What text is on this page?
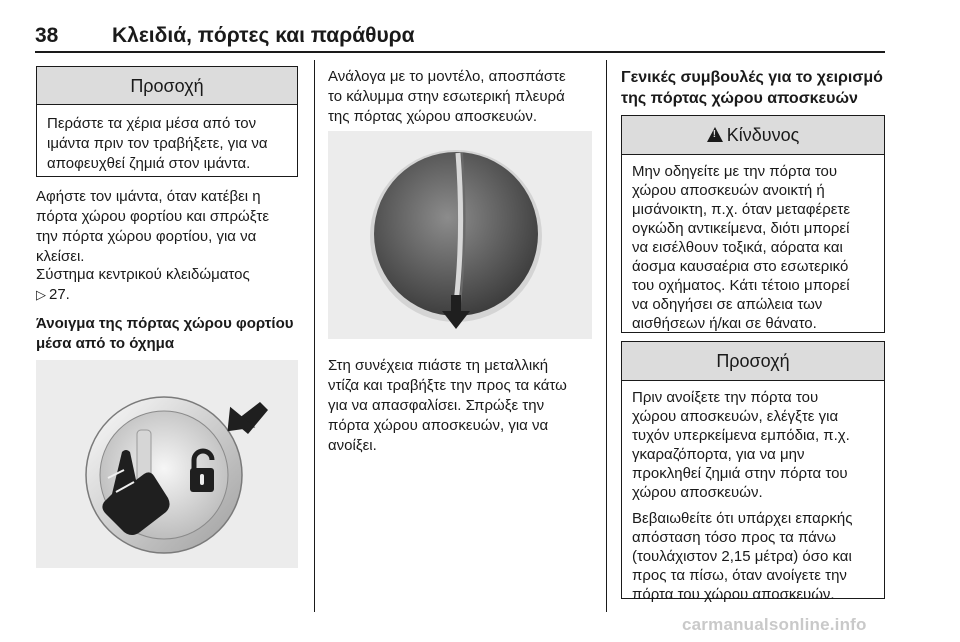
38	Κλειδιά, πόρτες και παράθυρα
Προσοχή
Περάστε τα χέρια μέσα από τον
ιμάντα πριν τον τραβήξετε, για να
αποφευχθεί ζημιά στον ιμάντα.
Αφήστε τον ιμάντα, όταν κατέβει η
πόρτα χώρου φορτίου και σπρώξτε
την πόρτα χώρου φορτίου, για να
κλείσει.
Σύστημα κεντρικού κλειδώματος
▷ 27.
Άνοιγμα της πόρτας χώρου φορτίου
μέσα από το όχημα
Ανάλογα με το μοντέλο, αποσπάστε
το κάλυμμα στην εσωτερική πλευρά
της πόρτας χώρου αποσκευών.
Στη συνέχεια πιάστε τη μεταλλική
ντίζα και τραβήξτε την προς τα κάτω
για να απασφαλίσει. Σπρώξε την
πόρτα χώρου αποσκευών, για να
ανοίξει.
Γενικές συμβουλές για το χειρισμό
της πόρτας χώρου αποσκευών
! Κίνδυνος
Μην οδηγείτε με την πόρτα του
χώρου αποσκευών ανοικτή ή
μισάνοικτη, π.χ. όταν μεταφέρετε
ογκώδη αντικείμενα, διότι μπορεί
να εισέλθουν τοξικά, αόρατα και
άοσμα καυσαέρια στο εσωτερικό
του οχήματος. Κάτι τέτοιο μπορεί
να οδηγήσει σε απώλεια των
αισθήσεων ή/και σε θάνατο.
Προσοχή

Πριν ανοίξετε την πόρτα του
χώρου αποσκευών, ελέγξτε για
τυχόν υπερκείμενα εμπόδια, π.χ.
γκαραζόπορτα, για να μην
προκληθεί ζημιά στην πόρτα του
χώρου αποσκευών.

Βεβαιωθείτε ότι υπάρχει επαρκής
απόσταση τόσο προς τα πάνω
(τουλάχιστον 2,15 μέτρα) όσο και
προς τα πίσω, όταν ανοίγετε την
πόρτα του χώρου αποσκευών.

carmanualsonline.info
